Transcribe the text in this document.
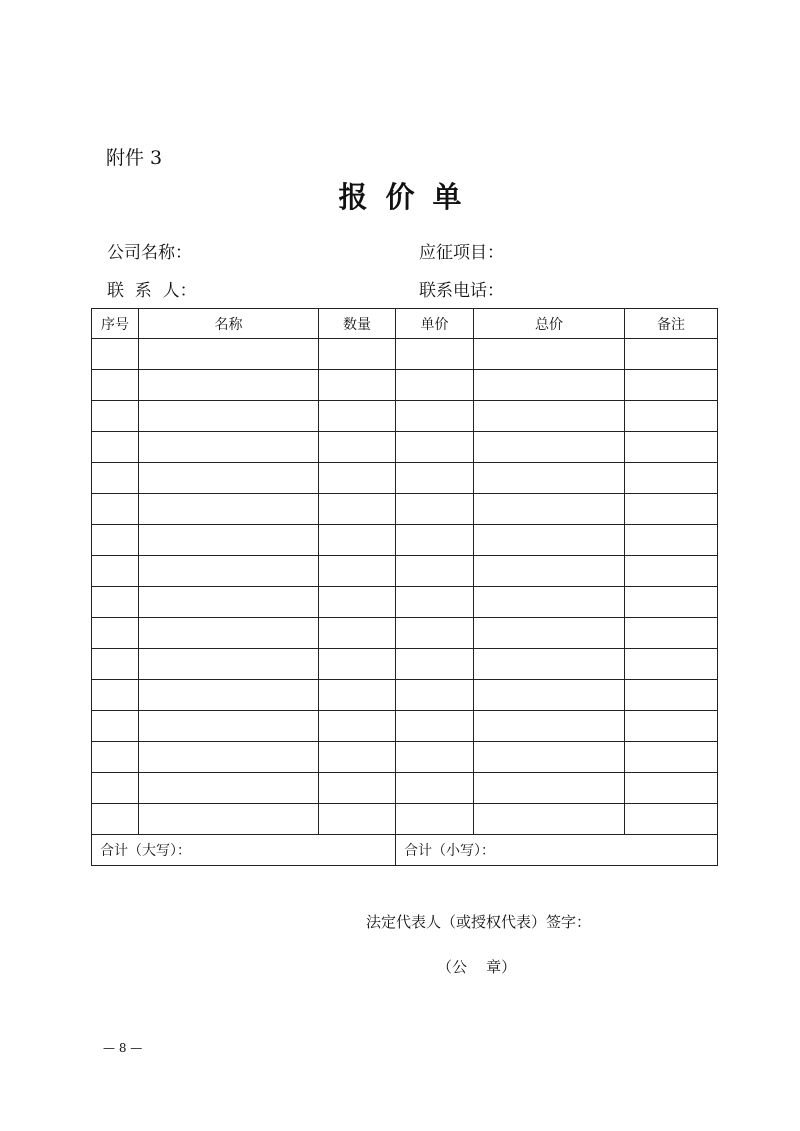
附件 3
报价单
公司名称：	应征项目：
联  系  人：	联系电话：
序号	名称	数量	单价	总价	备注

合计（大写）：			合计（小写）：		
法定代表人（或授权代表）签字：
（公    章）
— 8 —
